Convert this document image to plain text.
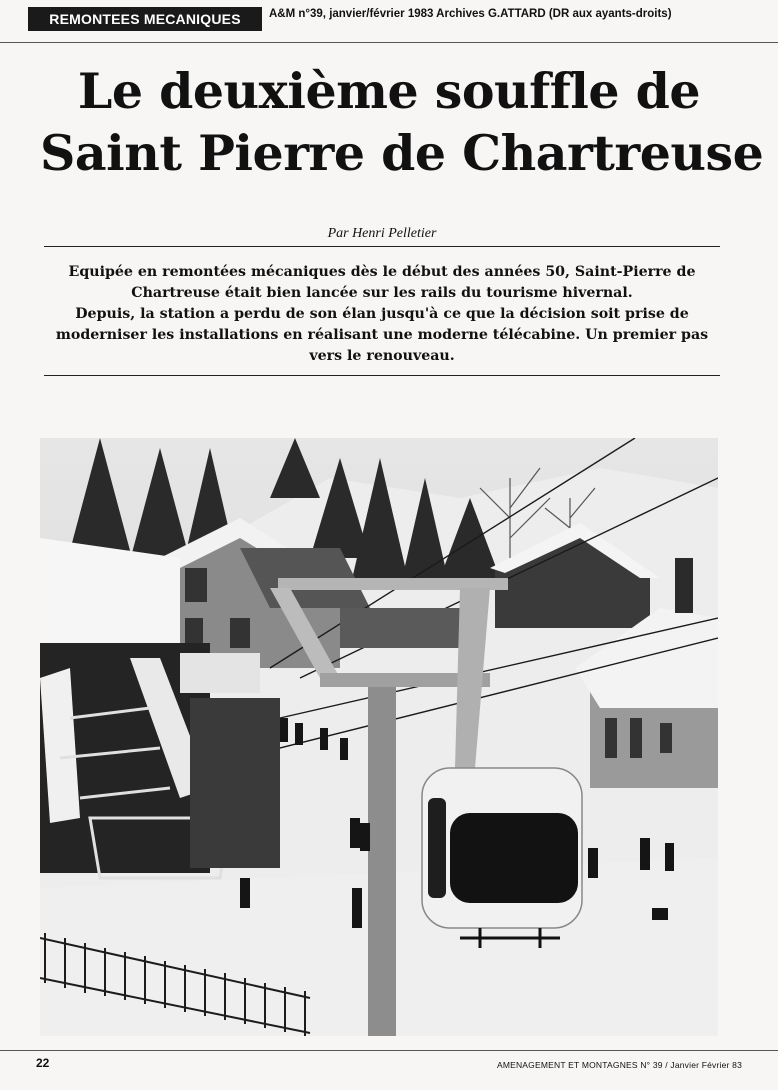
REMONTEES MECANIQUES	A&M n°39, janvier/février 1983 Archives G.ATTARD (DR aux ayants-droits)
Le deuxième souffle de
Saint Pierre de Chartreuse
Par Henri Pelletier

Equipée en remontées mécaniques dès le début des années 50, Saint-Pierre de Chartreuse était bien lancée sur les rails du tourisme hivernal.

Depuis, la station a perdu de son élan jusqu'à ce que la décision soit prise de moderniser les installations en réalisant une moderne télécabine. Un premier pas vers le renouveau.

22	AMENAGEMENT ET MONTAGNES N° 39 / Janvier Février 83
